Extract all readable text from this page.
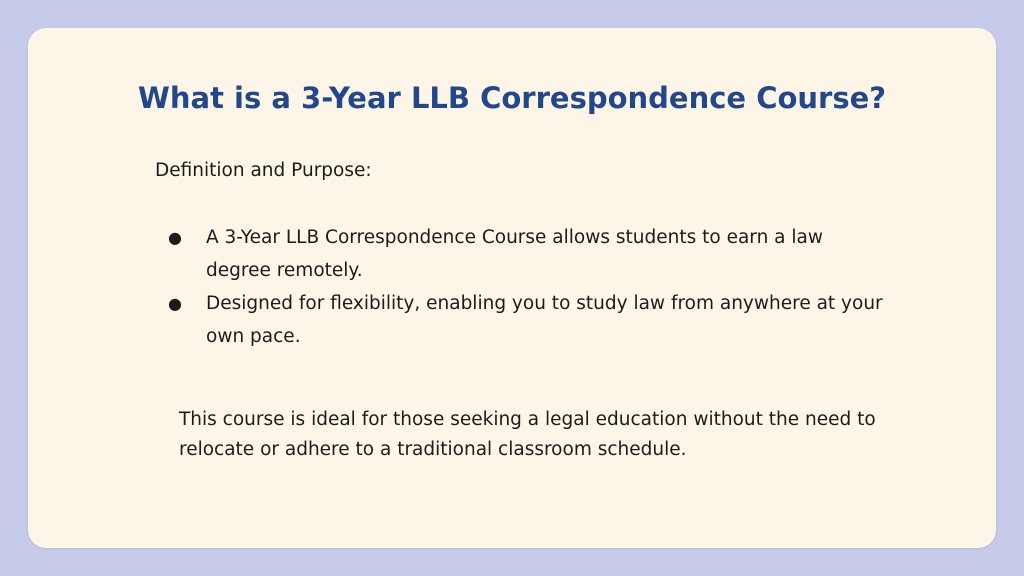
What is a 3-Year LLB Correspondence Course?

Definition and Purpose:

● A 3-Year LLB Correspondence Course allows students to earn a law degree remotely.
● Designed for flexibility, enabling you to study law from anywhere at your own pace.

This course is ideal for those seeking a legal education without the need to relocate or adhere to a traditional classroom schedule.
